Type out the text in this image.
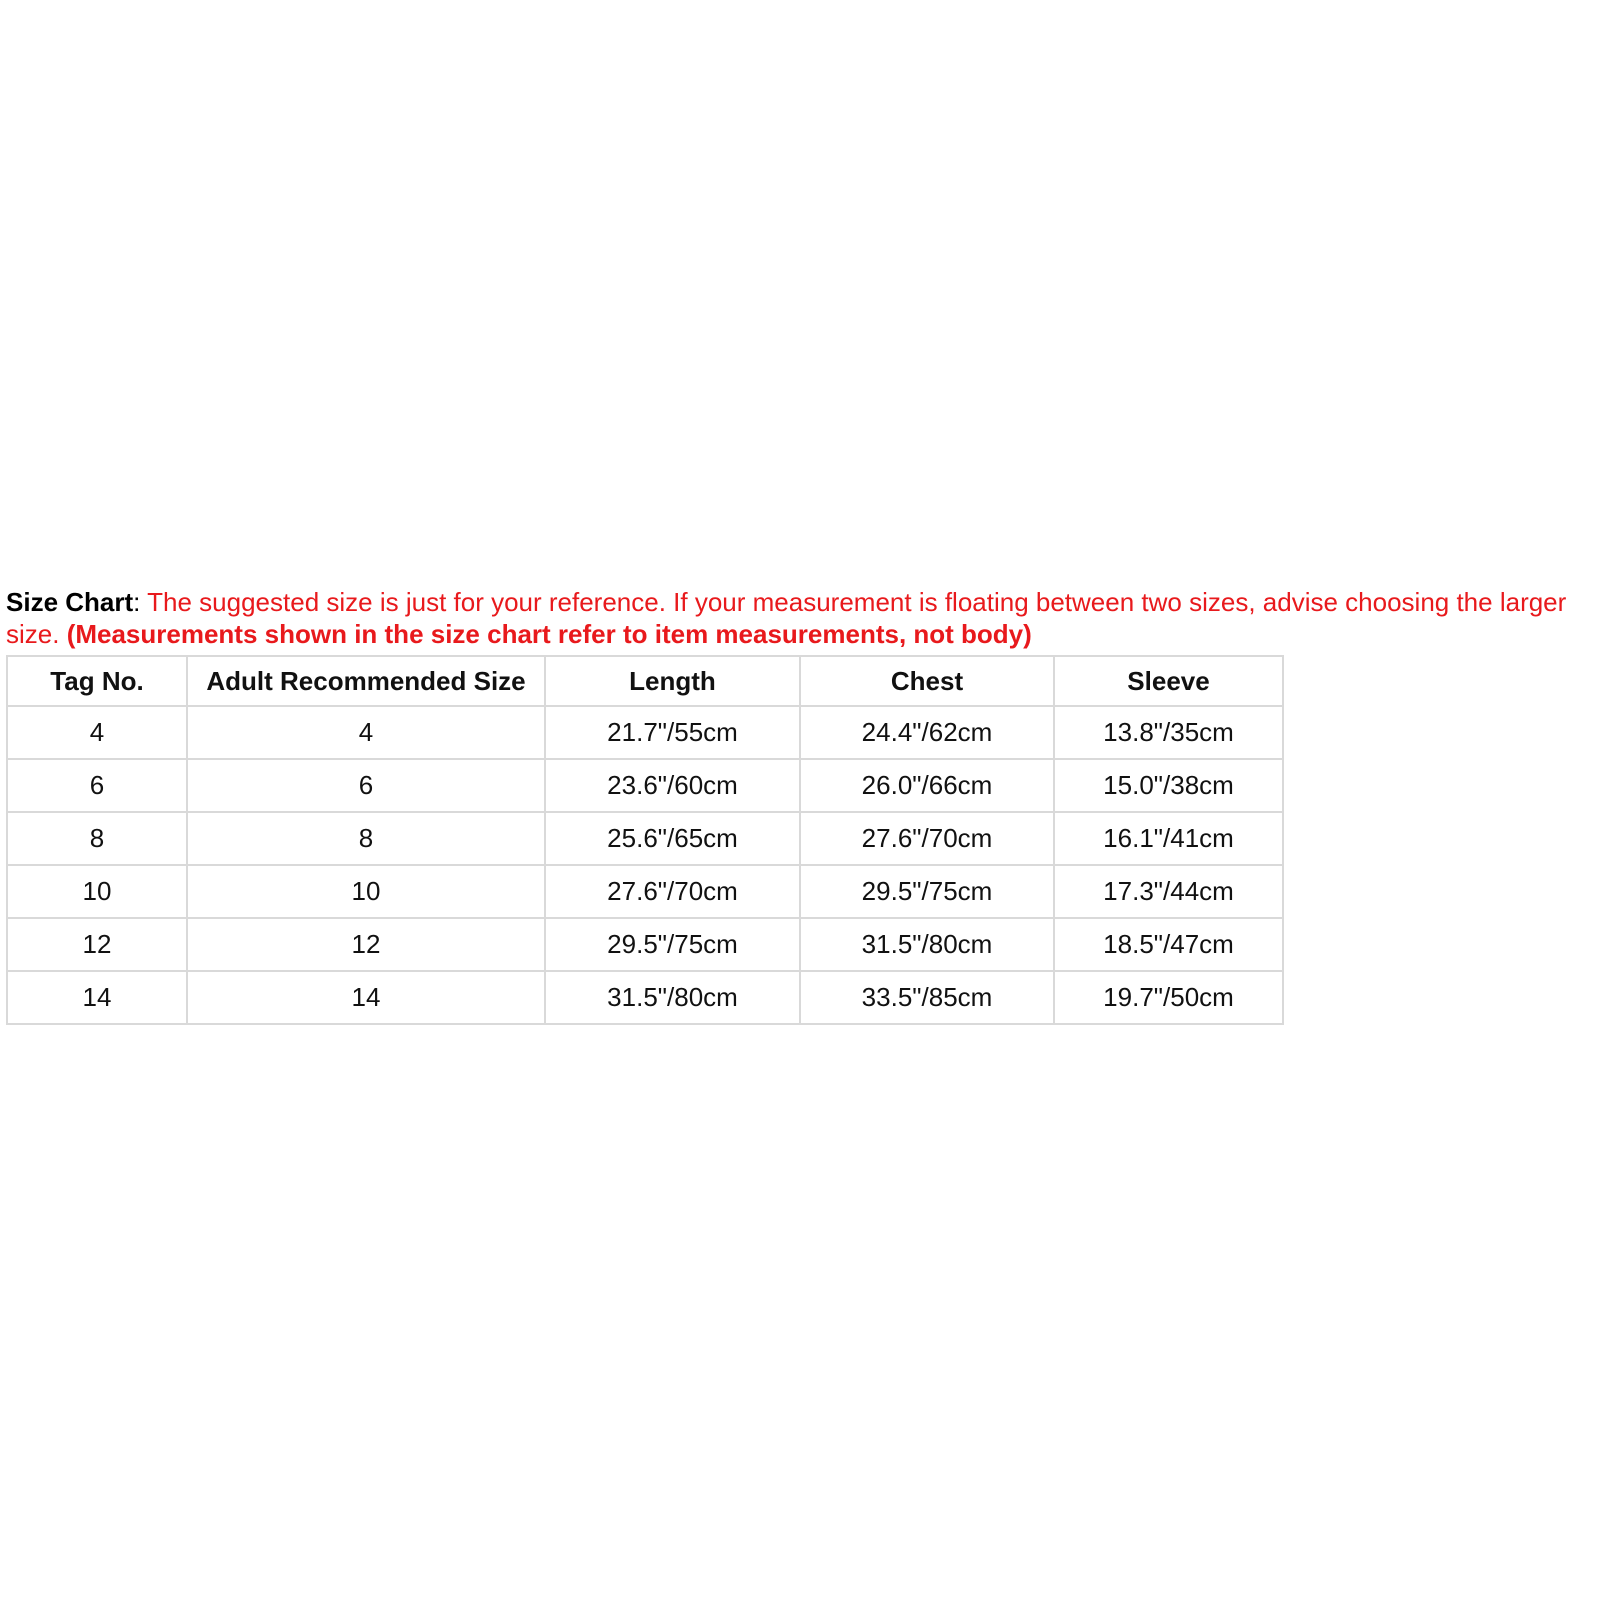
Size Chart: The suggested size is just for your reference. If your measurement is floating between two sizes, advise choosing the larger size. (Measurements shown in the size chart refer to item measurements, not body)
Tag No.	Adult Recommended Size	Length	Chest	Sleeve
4	4	21.7"/55cm	24.4"/62cm	13.8"/35cm
6	6	23.6"/60cm	26.0"/66cm	15.0"/38cm
8	8	25.6"/65cm	27.6"/70cm	16.1"/41cm
10	10	27.6"/70cm	29.5"/75cm	17.3"/44cm
12	12	29.5"/75cm	31.5"/80cm	18.5"/47cm
14	14	31.5"/80cm	33.5"/85cm	19.7"/50cm
